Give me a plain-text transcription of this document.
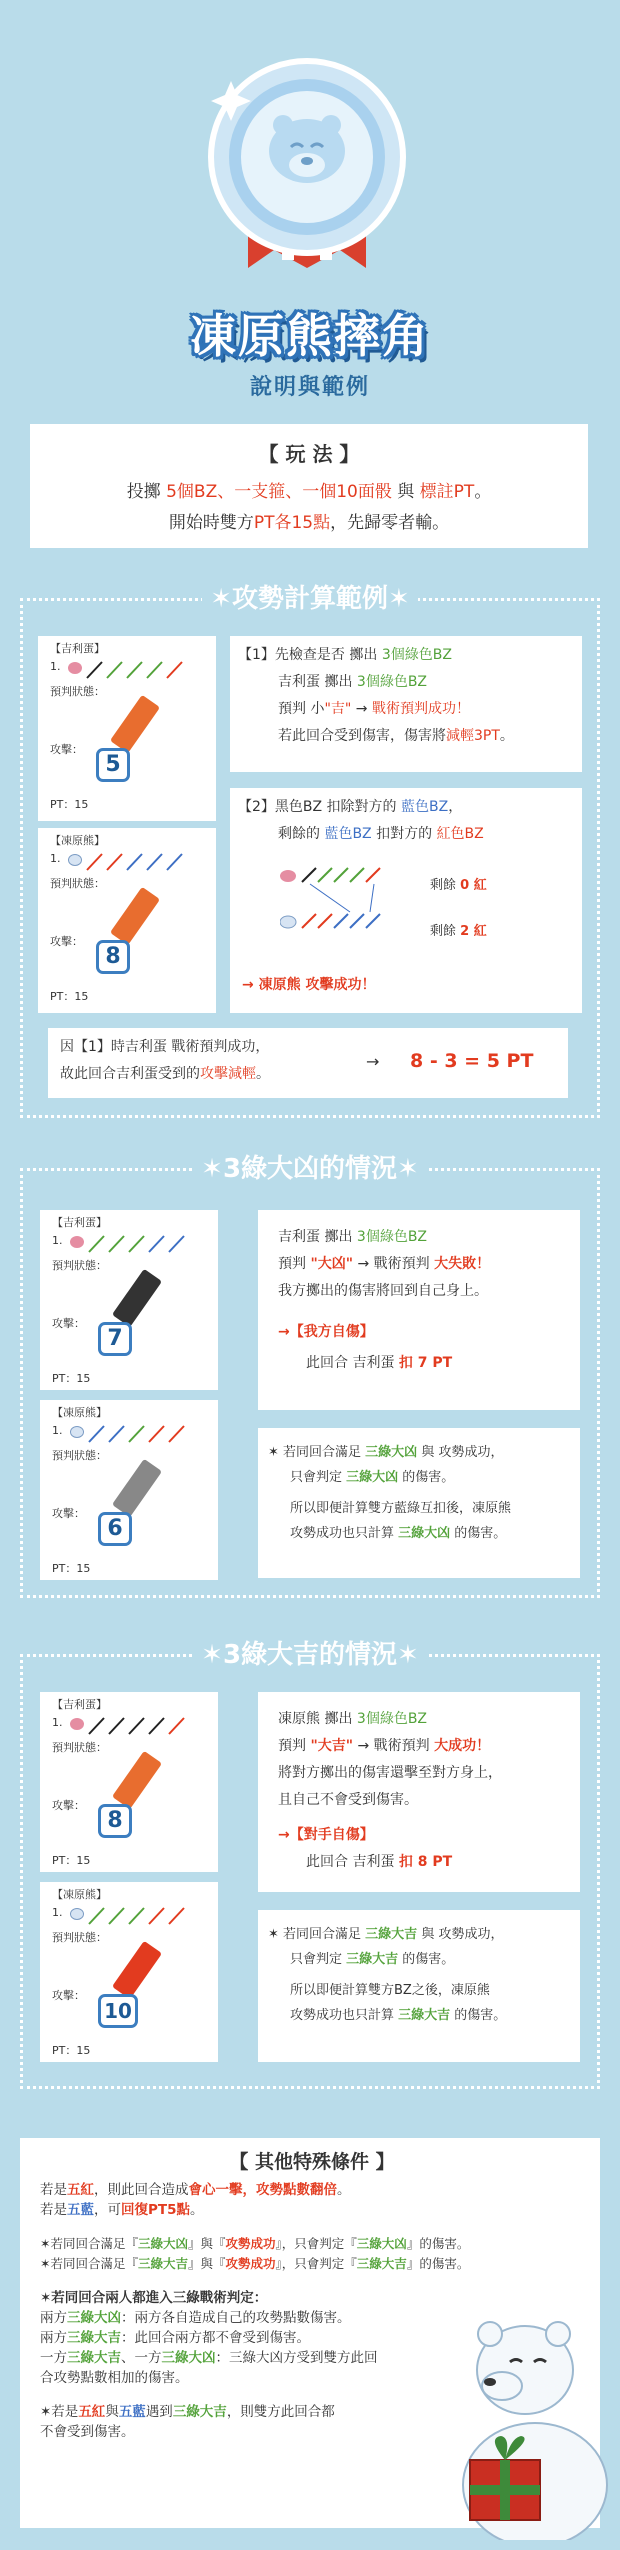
凍原熊摔角
說明與範例
【 玩 法 】
投擲 5個BZ、一支箍、一個10面骰 與 標註PT。
開始時雙方PT各15點，先歸零者輸。
✶攻勢計算範例✶
【吉利蛋】
1.
預判狀態：
攻擊：
5
PT：15
【凍原熊】
1.
預判狀態：
攻擊：
8
PT：15
【1】先檢查是否 擲出 3個綠色BZ
吉利蛋 擲出 3個綠色BZ
預判 小"吉" → 戰術預判成功！
若此回合受到傷害，傷害將減輕3PT。
【2】黑色BZ 扣除對方的 藍色BZ，
剩餘的 藍色BZ 扣對方的 紅色BZ
剩餘 0 紅
剩餘 2 紅
→ 凍原熊 攻擊成功！
因【1】時吉利蛋 戰術預判成功，
故此回合吉利蛋受到的攻擊減輕。
→ 8 - 3 = 5 PT
✶3綠大凶的情況✶
【吉利蛋】
1.
預判狀態：
攻擊：
7
PT：15
【凍原熊】
1.
預判狀態：
攻擊：
6
PT：15
吉利蛋 擲出 3個綠色BZ
預判 "大凶" → 戰術預判 大失敗！
我方擲出的傷害將回到自己身上。
→【我方自傷】
此回合 吉利蛋 扣 7 PT
✶ 若同回合滿足 三綠大凶 與 攻勢成功，
只會判定 三綠大凶 的傷害。
所以即便計算雙方藍綠互扣後，凍原熊
攻勢成功也只計算 三綠大凶 的傷害。
✶3綠大吉的情況✶
【吉利蛋】
1.
預判狀態：
攻擊：
8
PT：15
【凍原熊】
1.
預判狀態：
攻擊：
10
PT：15
凍原熊 擲出 3個綠色BZ
預判 "大吉" → 戰術預判 大成功！
將對方擲出的傷害還擊至對方身上，
且自己不會受到傷害。
→【對手自傷】
此回合 吉利蛋 扣 8 PT
✶ 若同回合滿足 三綠大吉 與 攻勢成功，
只會判定 三綠大吉 的傷害。
所以即便計算雙方BZ之後，凍原熊
攻勢成功也只計算 三綠大吉 的傷害。
【 其他特殊條件 】
若是五紅，則此回合造成會心一擊，攻勢點數翻倍。
若是五藍，可回復PT5點。
✶若同回合滿足『三綠大凶』與『攻勢成功』，只會判定『三綠大凶』的傷害。
✶若同回合滿足『三綠大吉』與『攻勢成功』，只會判定『三綠大吉』的傷害。
✶若同回合兩人都進入三綠戰術判定：
兩方三綠大凶：兩方各自造成自己的攻勢點數傷害。
兩方三綠大吉：此回合兩方都不會受到傷害。
一方三綠大吉、一方三綠大凶：三綠大凶方受到雙方此回
合攻勢點數相加的傷害。
✶若是五紅與五藍遇到三綠大吉，則雙方此回合都
不會受到傷害。
